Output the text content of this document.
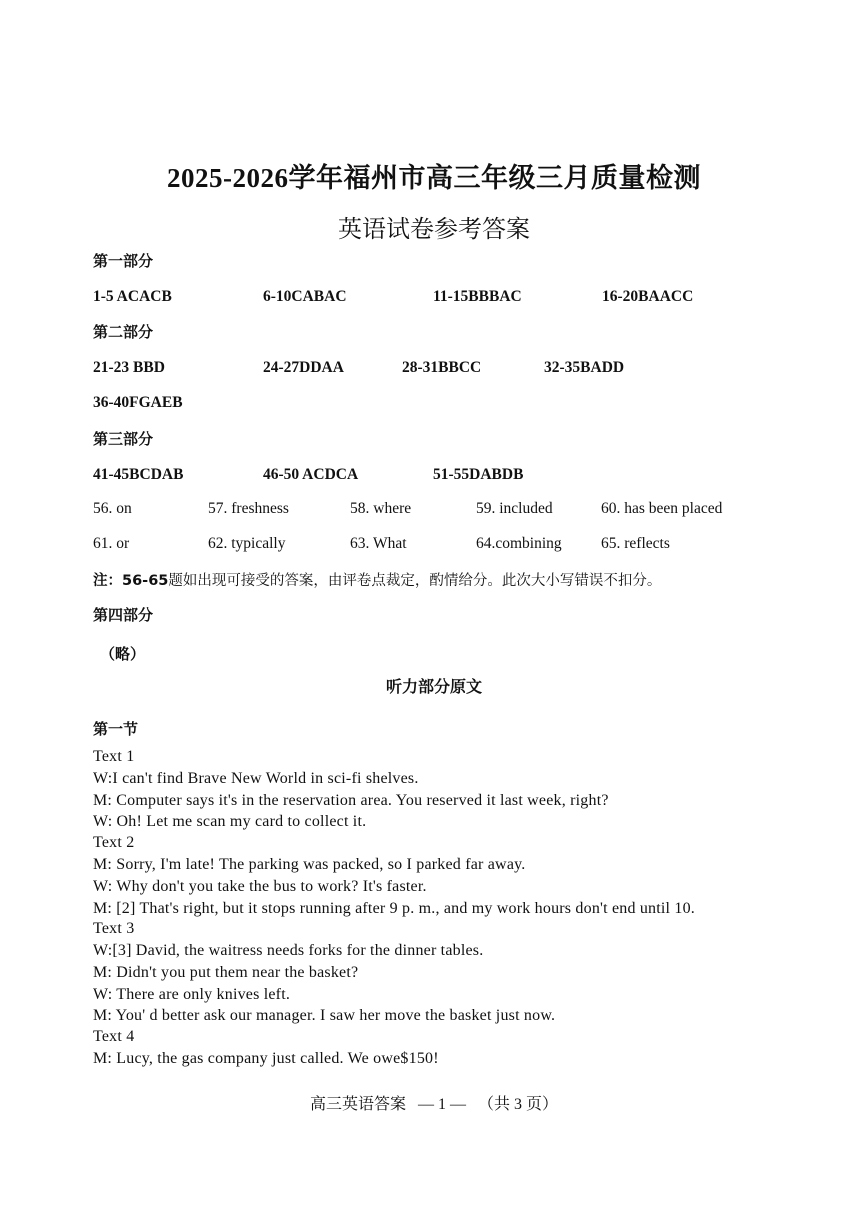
2025-2026学年福州市高三年级三月质量检测
英语试卷参考答案
第一部分
1-5 ACACB	6-10CABAC	11-15BBBAC	16-20BAACC
第二部分
21-23 BBD	24-27DDAA	28-31BBCC	32-35BADD
36-40FGAEB
第三部分
41-45BCDAB	46-50 ACDCA	51-55DABDB
56. on	57. freshness	58. where	59. included	60. has been placed
61. or	62. typically	63. What	64.combining	65. reflects
注：56-65题如出现可接受的答案，由评卷点裁定，酌情给分。此次大小写错误不扣分。
第四部分
（略）
听力部分原文
第一节
Text 1
W:I can't find Brave New World in sci-fi shelves.
M: Computer says it's in the reservation area. You reserved it last week, right?
W: Oh! Let me scan my card to collect it.
Text 2
M: Sorry, I'm late! The parking was packed, so I parked far away.
W: Why don't you take the bus to work? It's faster.
M: [2] That's right, but it stops running after 9 p. m., and my work hours don't end until 10.
Text 3
W:[3] David, the waitress needs forks for the dinner tables.
M: Didn't you put them near the basket?
W: There are only knives left.
M: You' d better ask our manager. I saw her move the basket just now.
Text 4
M: Lucy, the gas company just called. We owe$150!
高三英语答案 — 1 — （共 3 页）
